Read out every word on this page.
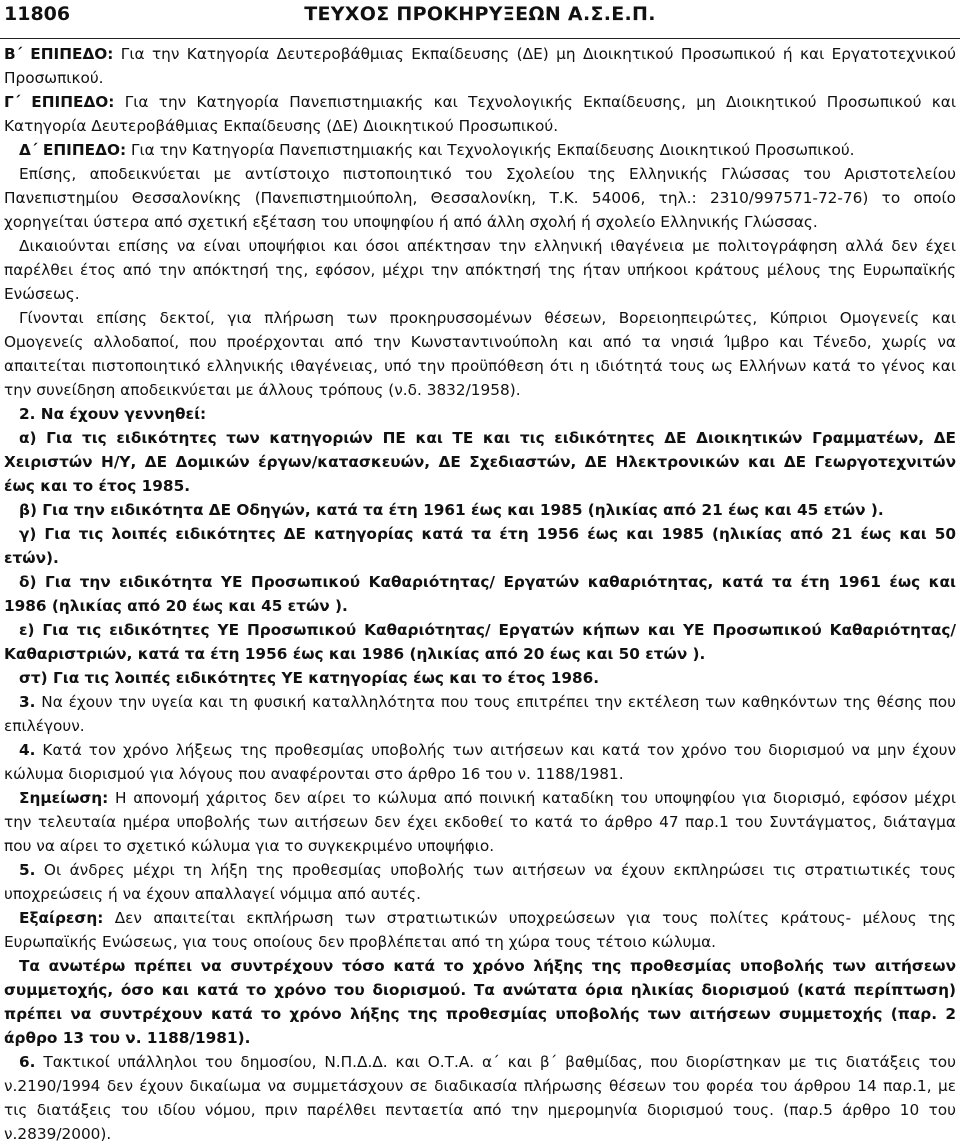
11806	ΤΕΥΧΟΣ ΠΡΟΚΗΡΥΞΕΩΝ Α.Σ.Ε.Π.

Β΄ ΕΠΙΠΕΔΟ: Για την Κατηγορία Δευτεροβάθμιας Εκπαίδευσης (ΔΕ) μη Διοικητικού Προσωπικού ή και Εργατοτεχνικού Προσωπικού.

Γ΄ ΕΠΙΠΕΔΟ: Για την Κατηγορία Πανεπιστημιακής και Τεχνολογικής Εκπαίδευσης, μη Διοικητικού Προσωπικού και Κατηγορία Δευτεροβάθμιας Εκπαίδευσης (ΔΕ) Διοικητικού Προσωπικού.

Δ΄ ΕΠΙΠΕΔΟ: Για την Κατηγορία Πανεπιστημιακής και Τεχνολογικής Εκπαίδευσης Διοικητικού Προσωπικού.

Επίσης, αποδεικνύεται με αντίστοιχο πιστοποιητικό του Σχολείου της Ελληνικής Γλώσσας του Αριστοτελείου Πανεπιστημίου Θεσσαλονίκης (Πανεπιστημιούπολη, Θεσσαλονίκη, Τ.Κ. 54006, τηλ.: 2310/997571-72-76) το οποίο χορηγείται ύστερα από σχετική εξέταση του υποψηφίου ή από άλλη σχολή ή σχολείο Ελληνικής Γλώσσας.

Δικαιούνται επίσης να είναι υποψήφιοι και όσοι απέκτησαν την ελληνική ιθαγένεια με πολιτογράφηση αλλά δεν έχει παρέλθει έτος από την απόκτησή της, εφόσον, μέχρι την απόκτησή της ήταν υπήκοοι κράτους μέλους της Ευρωπαϊκής Ενώσεως.

Γίνονται επίσης δεκτοί, για πλήρωση των προκηρυσσομένων θέσεων, Βορειοηπειρώτες, Κύπριοι Ομογενείς και Ομογενείς αλλοδαποί, που προέρχονται από την Κωνσταντινούπολη και από τα νησιά Ίμβρο και Τένεδο, χωρίς να απαιτείται πιστοποιητικό ελληνικής ιθαγένειας, υπό την προϋπόθεση ότι η ιδιότητά τους ως Ελλήνων κατά το γένος και την συνείδηση αποδεικνύεται με άλλους τρόπους (ν.δ. 3832/1958).

2. Να έχουν γεννηθεί:

α) Για τις ειδικότητες των κατηγοριών ΠΕ και ΤΕ και τις ειδικότητες ΔΕ Διοικητικών Γραμματέων, ΔΕ Χειριστών Η/Υ, ΔΕ Δομικών έργων/κατασκευών, ΔΕ Σχεδιαστών, ΔΕ Ηλεκτρονικών και ΔΕ Γεωργοτεχνιτών έως και το έτος 1985.

β) Για την ειδικότητα ΔΕ Οδηγών, κατά τα έτη 1961 έως και 1985 (ηλικίας από 21 έως και 45 ετών ).

γ) Για τις λοιπές ειδικότητες ΔΕ κατηγορίας κατά τα έτη 1956 έως και 1985 (ηλικίας από 21 έως και 50 ετών).

δ) Για την ειδικότητα ΥΕ Προσωπικού Καθαριότητας/ Εργατών καθαριότητας, κατά τα έτη 1961 έως και 1986 (ηλικίας από 20 έως και 45 ετών ).

ε) Για τις ειδικότητες ΥΕ Προσωπικού Καθαριότητας/ Εργατών κήπων και ΥΕ Προσωπικού Καθαριότητας/ Καθαριστριών, κατά τα έτη 1956 έως και 1986 (ηλικίας από 20 έως και 50 ετών ).

στ) Για τις λοιπές ειδικότητες ΥΕ κατηγορίας έως και το έτος 1986.

3. Να έχουν την υγεία και τη φυσική καταλληλότητα που τους επιτρέπει την εκτέλεση των καθηκόντων της θέσης που επιλέγουν.

4. Κατά τον χρόνο λήξεως της προθεσμίας υποβολής των αιτήσεων και κατά τον χρόνο του διορισμού να μην έχουν κώλυμα διορισμού για λόγους που αναφέρονται στο άρθρο 16 του ν. 1188/1981.

Σημείωση: Η απονομή χάριτος δεν αίρει το κώλυμα από ποινική καταδίκη του υποψηφίου για διορισμό, εφόσον μέχρι την τελευταία ημέρα υποβολής των αιτήσεων δεν έχει εκδοθεί το κατά το άρθρο 47 παρ.1 του Συντάγματος, διάταγμα που να αίρει το σχετικό κώλυμα για το συγκεκριμένο υποψήφιο.

5. Οι άνδρες μέχρι τη λήξη της προθεσμίας υποβολής των αιτήσεων να έχουν εκπληρώσει τις στρατιωτικές τους υποχρεώσεις ή να έχουν απαλλαγεί νόμιμα από αυτές.

Εξαίρεση: Δεν απαιτείται εκπλήρωση των στρατιωτικών υποχρεώσεων για τους πολίτες κράτους- μέλους της Ευρωπαϊκής Ενώσεως, για τους οποίους δεν προβλέπεται από τη χώρα τους τέτοιο κώλυμα.

Τα ανωτέρω πρέπει να συντρέχουν τόσο κατά το χρόνο λήξης της προθεσμίας υποβολής των αιτήσεων συμμετοχής, όσο και κατά το χρόνο του διορισμού. Τα ανώτατα όρια ηλικίας διορισμού (κατά περίπτωση) πρέπει να συντρέχουν κατά το χρόνο λήξης της προθεσμίας υποβολής των αιτήσεων συμμετοχής (παρ. 2 άρθρο 13 του ν. 1188/1981).

6. Τακτικοί υπάλληλοι του δημοσίου, Ν.Π.Δ.Δ. και Ο.Τ.Α. α΄ και β΄ βαθμίδας, που διορίστηκαν με τις διατάξεις του ν.2190/1994 δεν έχουν δικαίωμα να συμμετάσχουν σε διαδικασία πλήρωσης θέσεων του φορέα του άρθρου 14 παρ.1, με τις διατάξεις του ιδίου νόμου, πριν παρέλθει πενταετία από την ημερομηνία διορισμού τους. (παρ.5 άρθρο 10 του ν.2839/2000).
